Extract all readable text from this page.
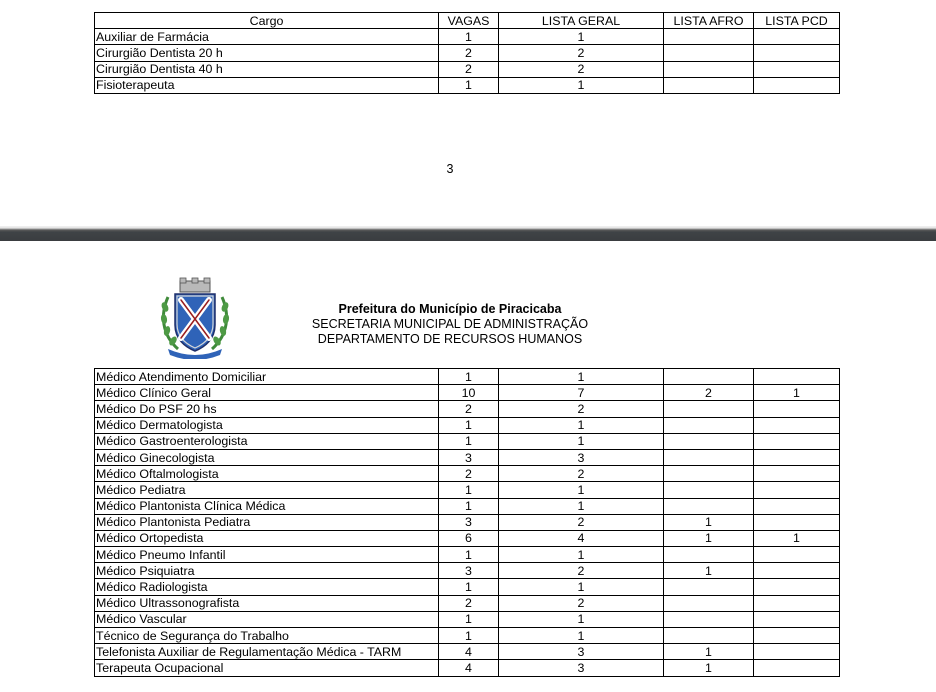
Cargo	VAGAS	LISTA GERAL	LISTA AFRO	LISTA PCD
Auxiliar de Farmácia	1	1		
Cirurgião Dentista 20 h	2	2		
Cirurgião Dentista 40 h	2	2		
Fisioterapeuta	1	1		
3
Prefeitura do Município de Piracicaba
SECRETARIA MUNICIPAL DE ADMINISTRAÇÃO
DEPARTAMENTO DE RECURSOS HUMANOS
Médico Atendimento Domiciliar	1	1		
Médico Clínico Geral	10	7	2	1
Médico Do PSF 20 hs	2	2		
Médico Dermatologista	1	1		
Médico Gastroenterologista	1	1		
Médico Ginecologista	3	3		
Médico Oftalmologista	2	2		
Médico Pediatra	1	1		
Médico Plantonista Clínica Médica	1	1		
Médico Plantonista Pediatra	3	2	1	
Médico Ortopedista	6	4	1	1
Médico Pneumo Infantil	1	1		
Médico Psiquiatra	3	2	1	
Médico Radiologista	1	1		
Médico Ultrassonografista	2	2		
Médico Vascular	1	1		
Técnico de Segurança do Trabalho	1	1		
Telefonista Auxiliar de Regulamentação Médica - TARM	4	3	1	
Terapeuta Ocupacional	4	3	1	
